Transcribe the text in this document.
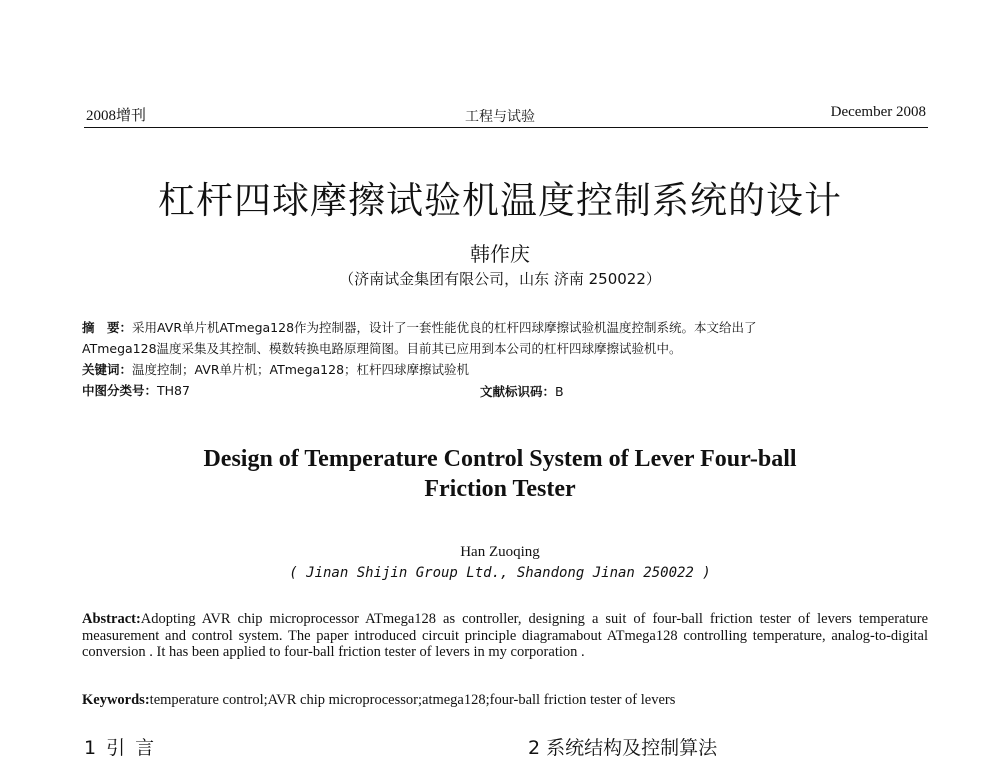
2008增刊	工程与试验	December 2008
杠杆四球摩擦试验机温度控制系统的设计
韩作庆
（济南试金集团有限公司，山东 济南 250022）
摘　要：采用AVR单片机ATmega128作为控制器，设计了一套性能优良的杠杆四球摩擦试验机温度控制系统。本文给出了
ATmega128温度采集及其控制、模数转换电路原理简图。目前其已应用到本公司的杠杆四球摩擦试验机中。
关键词：温度控制；AVR单片机；ATmega128；杠杆四球摩擦试验机
中图分类号：TH87	文献标识码：B
Design of Temperature Control System of Lever Four-ball
Friction Tester
Han Zuoqing
( Jinan Shijin Group Ltd., Shandong Jinan 250022 )
Abstract:Adopting AVR chip microprocessor ATmega128 as controller, designing a suit of four-ball friction tester of levers temperature measurement and control system. The paper introduced circuit principle diagramabout ATmega128 controlling temperature, analog-to-digital conversion . It has been applied to four-ball friction tester of levers in my corporation .
Keywords:temperature control;AVR chip microprocessor;atmega128;four-ball friction tester of levers
1 引 言	2 系统结构及控制算法
